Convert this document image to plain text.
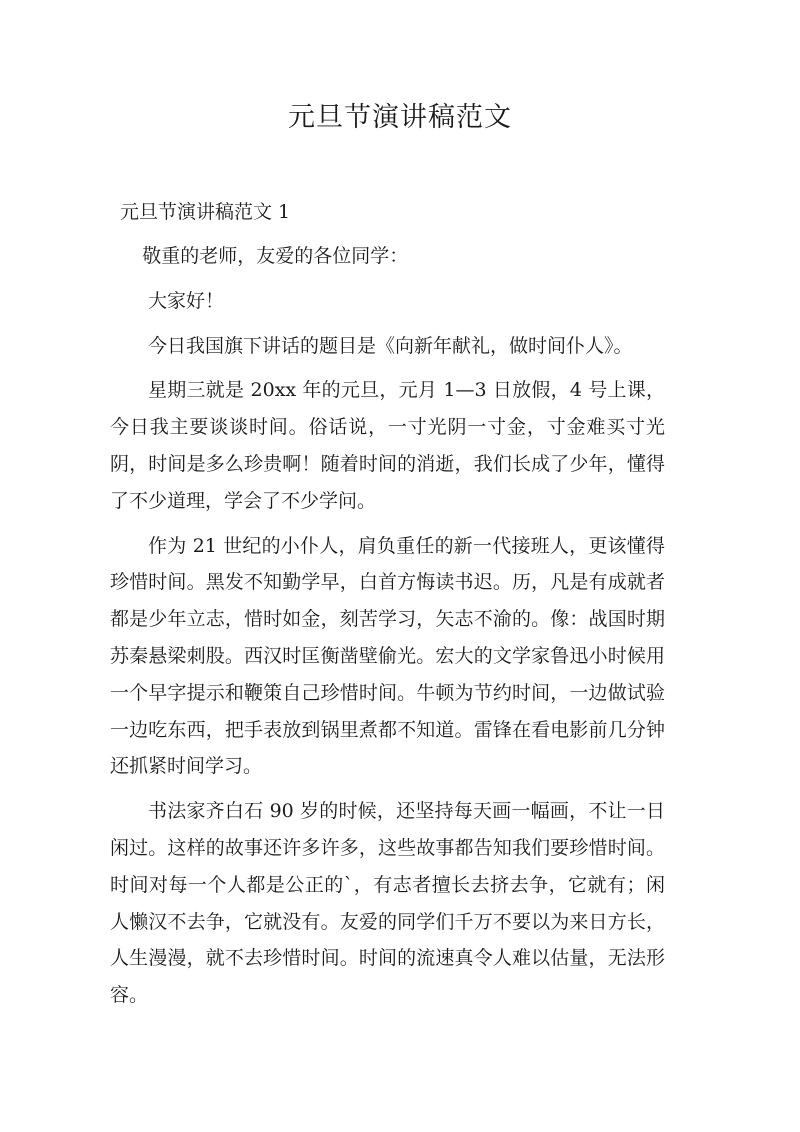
元旦节演讲稿范文
元旦节演讲稿范文 1

敬重的老师，友爱的各位同学：

大家好！

今日我国旗下讲话的题目是《向新年献礼，做时间仆人》。

星期三就是 20xx 年的元旦，元月 1—3 日放假，4 号上课，今日我主要谈谈时间。俗话说，一寸光阴一寸金，寸金难买寸光阴，时间是多么珍贵啊！随着时间的消逝，我们长成了少年，懂得了不少道理，学会了不少学问。

作为 21 世纪的小仆人，肩负重任的新一代接班人，更该懂得珍惜时间。黑发不知勤学早，白首方悔读书迟。历，凡是有成就者都是少年立志，惜时如金，刻苦学习，矢志不渝的。像：战国时期苏秦悬梁刺股。西汉时匡衡凿壁偷光。宏大的文学家鲁迅小时候用一个早字提示和鞭策自己珍惜时间。牛顿为节约时间，一边做试验一边吃东西，把手表放到锅里煮都不知道。雷锋在看电影前几分钟还抓紧时间学习。

书法家齐白石 90 岁的时候，还坚持每天画一幅画，不让一日闲过。这样的故事还许多许多，这些故事都告知我们要珍惜时间。时间对每一个人都是公正的`，有志者擅长去挤去争，它就有；闲人懒汉不去争，它就没有。友爱的同学们千万不要以为来日方长，人生漫漫，就不去珍惜时间。时间的流速真令人难以估量，无法形容。
